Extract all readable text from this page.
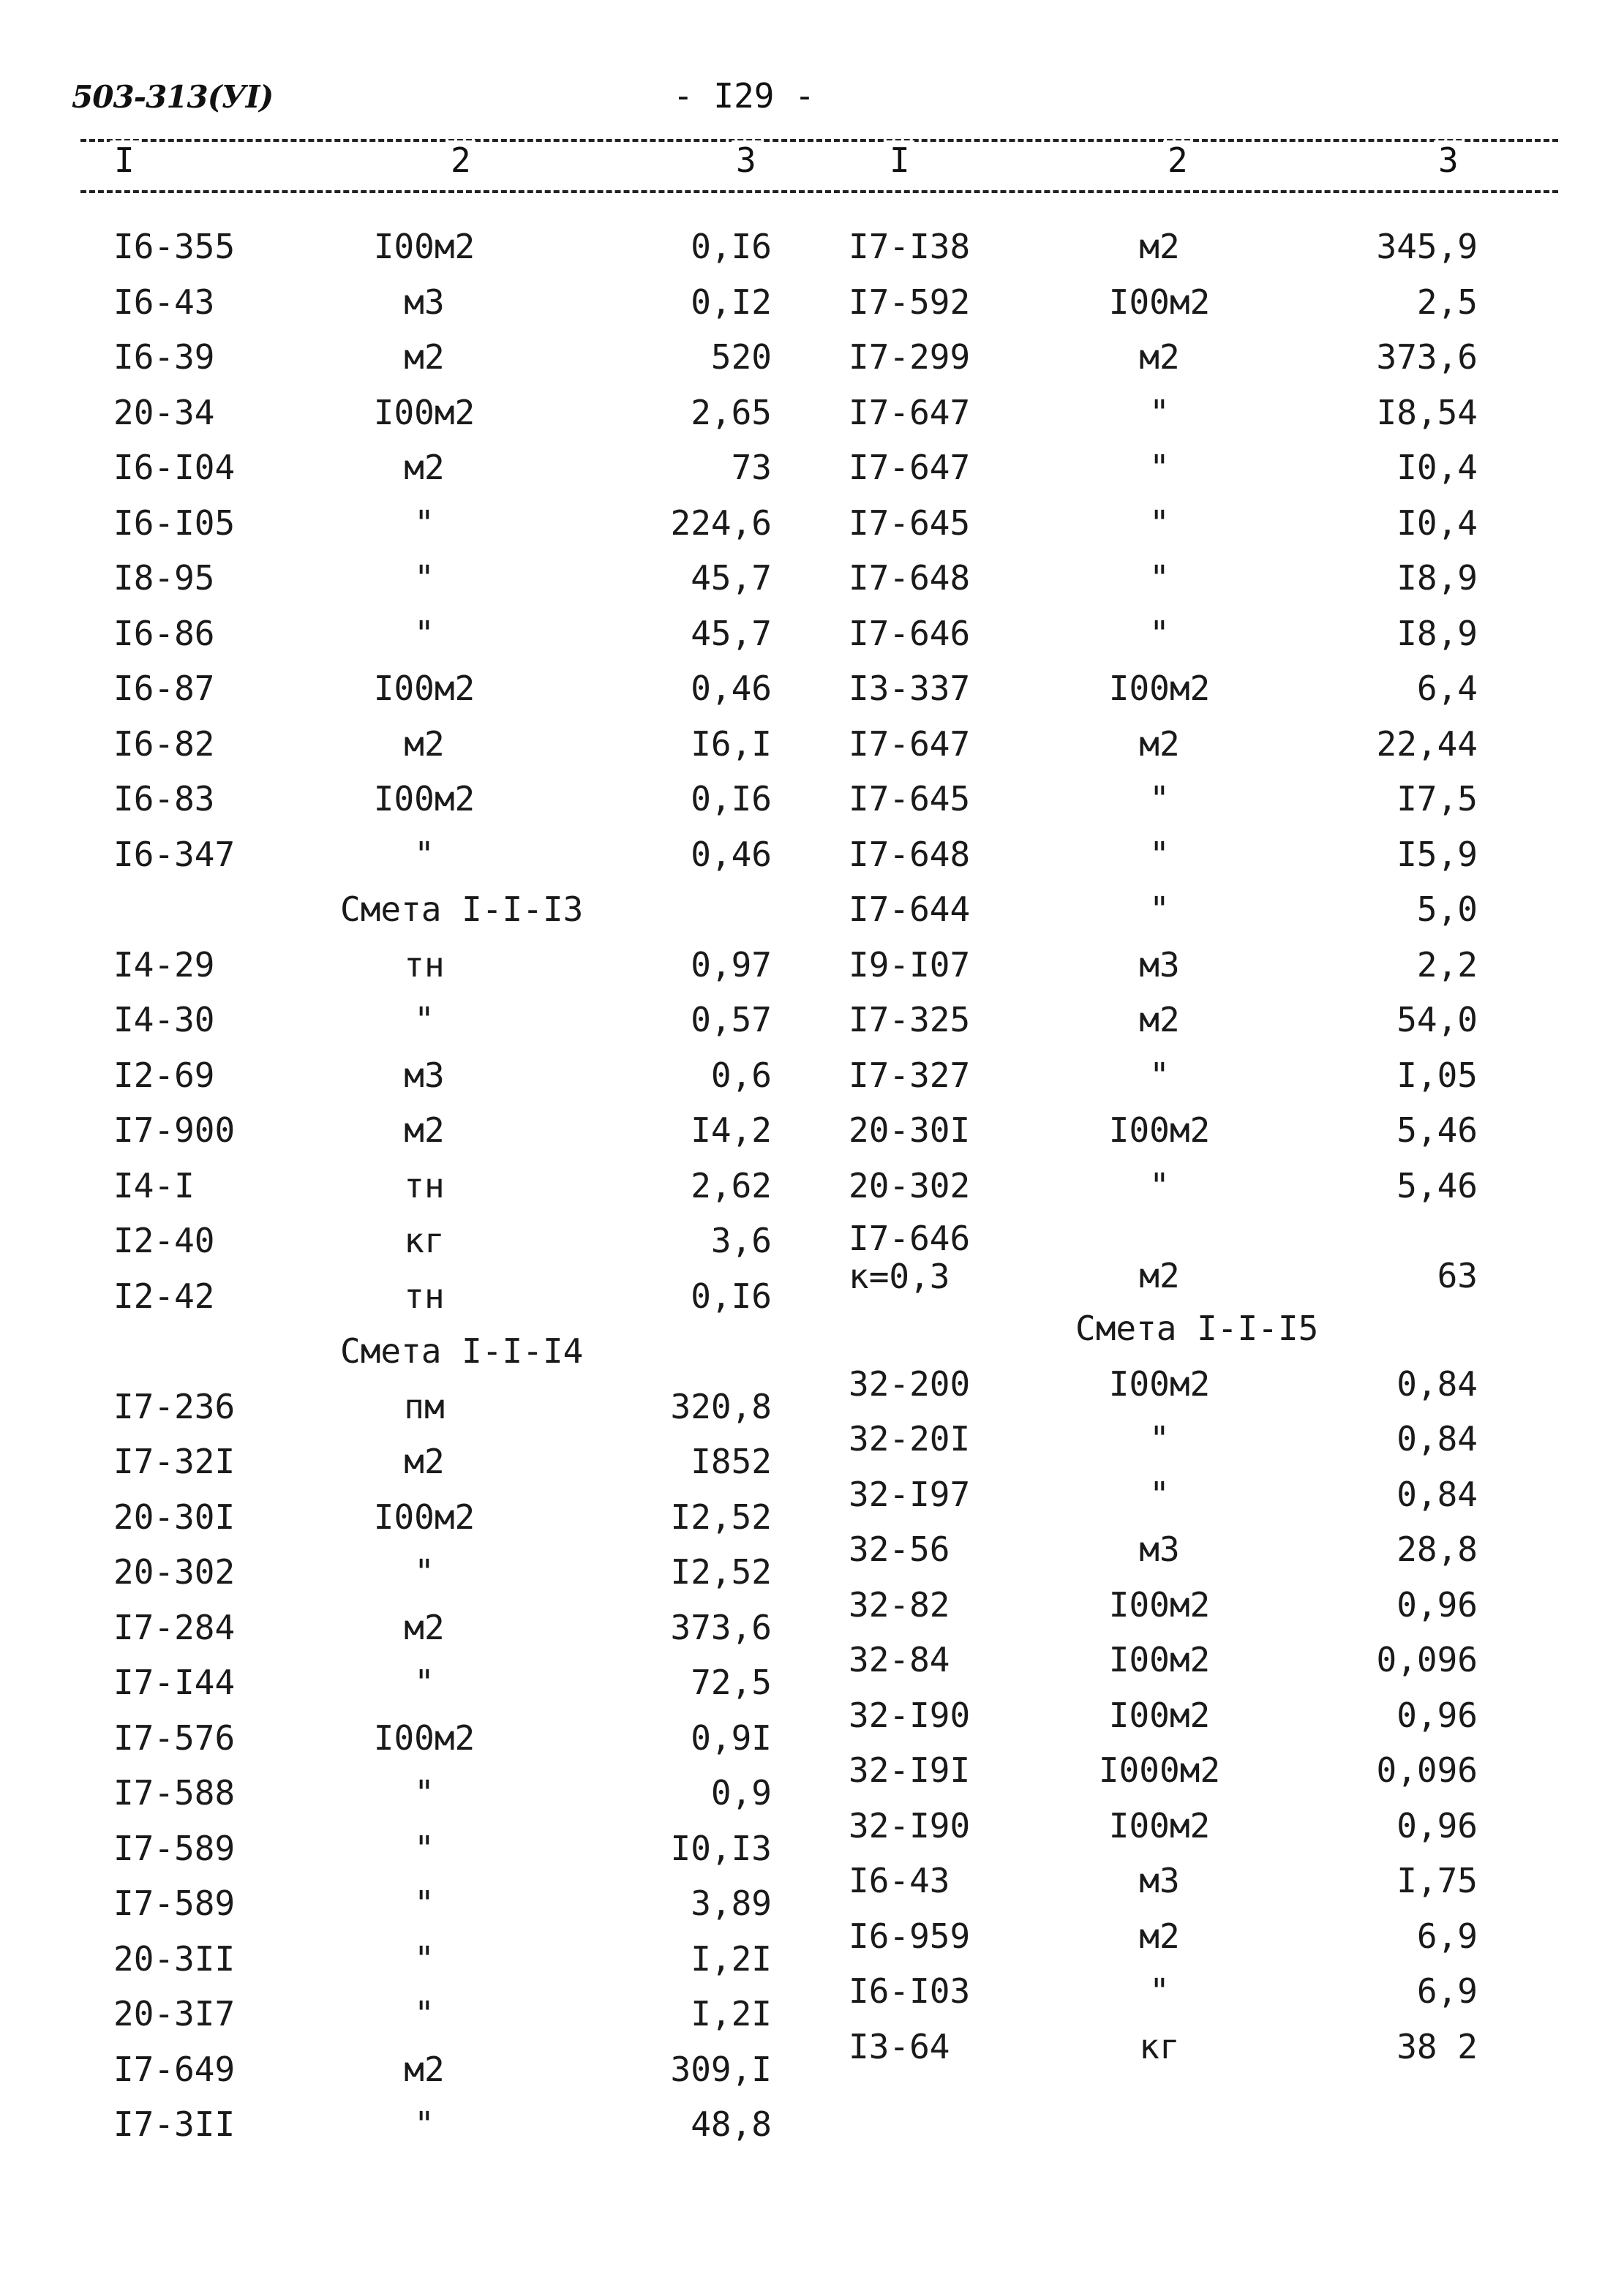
503-313(УI)	- I29 -
I	2	3	I	2	3
I6-355	I00м2	0,I6
I6-43	м3	0,I2
I6-39	м2	520
20-34	I00м2	2,65
I6-I04	м2	73
I6-I05	"	224,6
I8-95	"	45,7
I6-86	"	45,7
I6-87	I00м2	0,46
I6-82	м2	I6,I
I6-83	I00м2	0,I6
I6-347	"	0,46
Смета I-I-I3
I4-29	тн	0,97
I4-30	"	0,57
I2-69	м3	0,6
I7-900	м2	I4,2
I4-I	тн	2,62
I2-40	кг	3,6
I2-42	тн	0,I6
Смета I-I-I4
I7-236	пм	320,8
I7-32I	м2	I852
20-30I	I00м2	I2,52
20-302	"	I2,52
I7-284	м2	373,6
I7-I44	"	72,5
I7-576	I00м2	0,9I
I7-588	"	0,9
I7-589	"	I0,I3
I7-589	"	3,89
20-3II	"	I,2I
20-3I7	"	I,2I
I7-649	м2	309,I
I7-3II	"	48,8
I7-I38	м2	345,9
I7-592	I00м2	2,5
I7-299	м2	373,6
I7-647	"	I8,54
I7-647	"	I0,4
I7-645	"	I0,4
I7-648	"	I8,9
I7-646	"	I8,9
I3-337	I00м2	6,4
I7-647	м2	22,44
I7-645	"	I7,5
I7-648	"	I5,9
I7-644	"	5,0
I9-I07	м3	2,2
I7-325	м2	54,0
I7-327	"	I,05
20-30I	I00м2	5,46
20-302	"	5,46
I7-646
к=0,3	м2	63
Смета I-I-I5
32-200	I00м2	0,84
32-20I	"	0,84
32-I97	"	0,84
32-56	м3	28,8
32-82	I00м2	0,96
32-84	I00м2	0,096
32-I90	I00м2	0,96
32-I9I	I000м2	0,096
32-I90	I00м2	0,96
I6-43	м3	I,75
I6-959	м2	6,9
I6-I03	"	6,9
I3-64	кг	38 2
